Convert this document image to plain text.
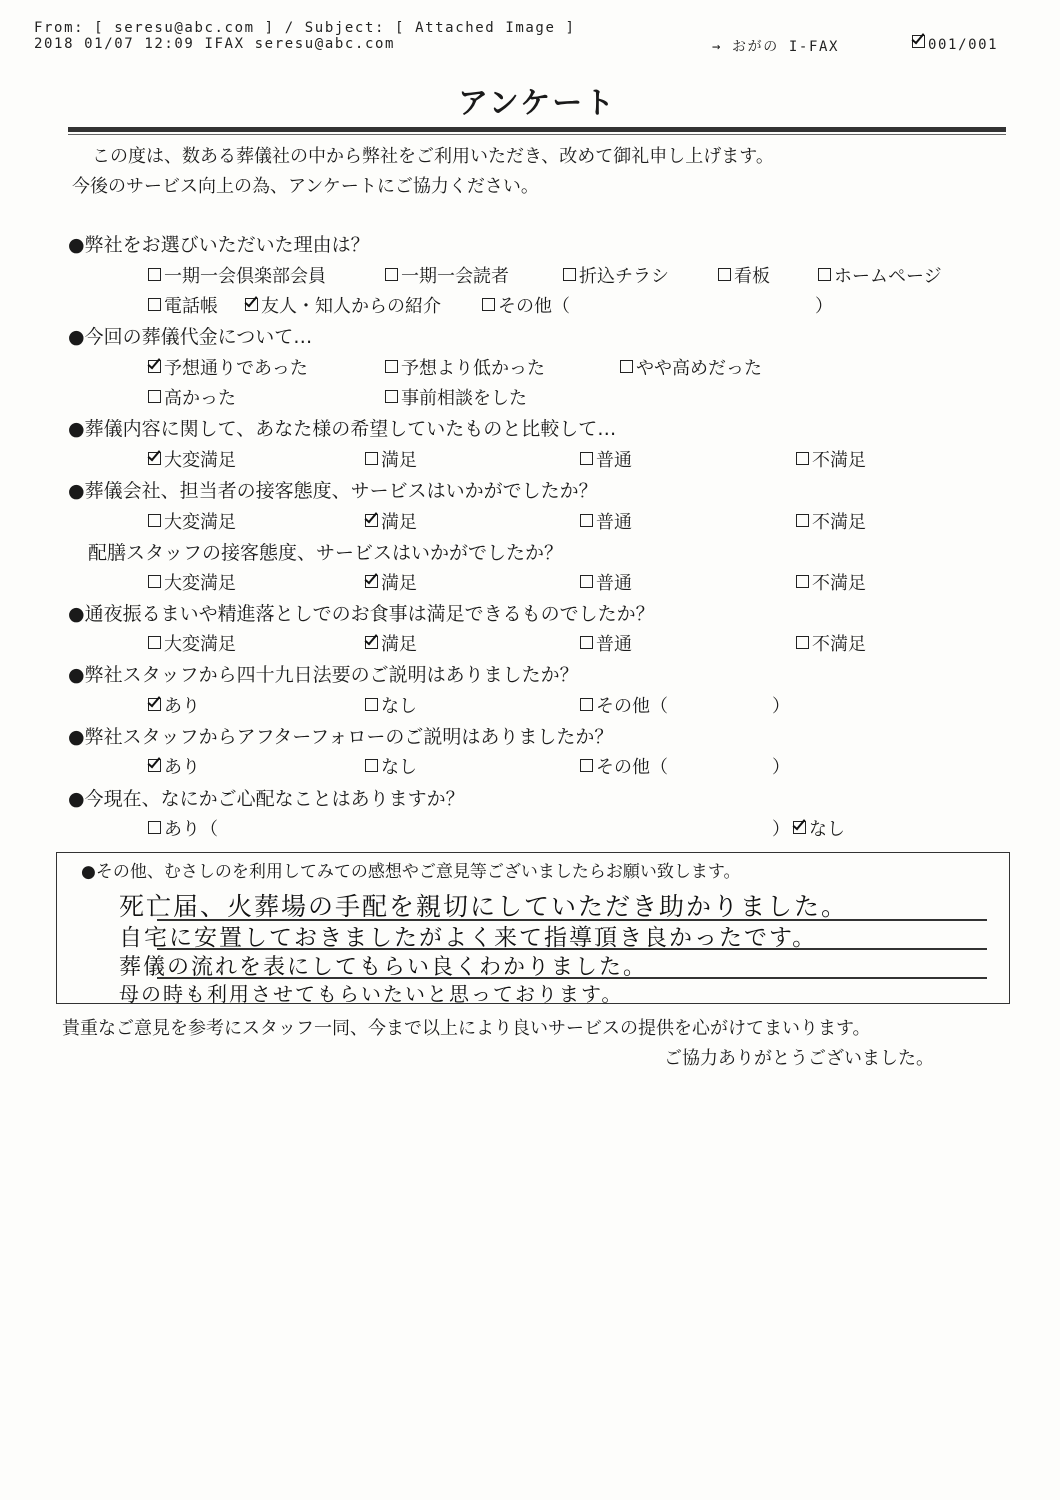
From: [ seresu@abc.com ] / Subject: [ Attached Image ]
2018 01/07 12:09 IFAX seresu@abc.com	→ おがの I-FAX	001/001
アンケート
この度は、数ある葬儀社の中から弊社をご利用いただき、改めて御礼申し上げます。
今後のサービス向上の為、アンケートにご協力ください。
●弊社をお選びいただいた理由は？
一期一会倶楽部会員	一期一会読者	折込チラシ	看板	ホームページ
電話帳	友人・知人からの紹介	その他（	）
●今回の葬儀代金について…
予想通りであった	予想より低かった	やや高めだった
高かった	事前相談をした
●葬儀内容に関して、あなた様の希望していたものと比較して…
大変満足	満足	普通	不満足
●葬儀会社、担当者の接客態度、サービスはいかがでしたか？
大変満足	満足	普通	不満足
配膳スタッフの接客態度、サービスはいかがでしたか？
大変満足	満足	普通	不満足
●通夜振るまいや精進落としでのお食事は満足できるものでしたか？
大変満足	満足	普通	不満足
●弊社スタッフから四十九日法要のご説明はありましたか？
あり	なし	その他（	）
●弊社スタッフからアフターフォローのご説明はありましたか？
あり	なし	その他（	）
●今現在、なにかご心配なことはありますか？
あり（	）	なし
●その他、むさしのを利用してみての感想やご意見等ございましたらお願い致します。
死亡届、火葬場の手配を親切にしていただき助かりました。
自宅に安置しておきましたがよく来て指導頂き良かったです。
葬儀の流れを表にしてもらい良くわかりました。
母の時も利用させてもらいたいと思っております。
貴重なご意見を参考にスタッフ一同、今まで以上により良いサービスの提供を心がけてまいります。
ご協力ありがとうございました。
